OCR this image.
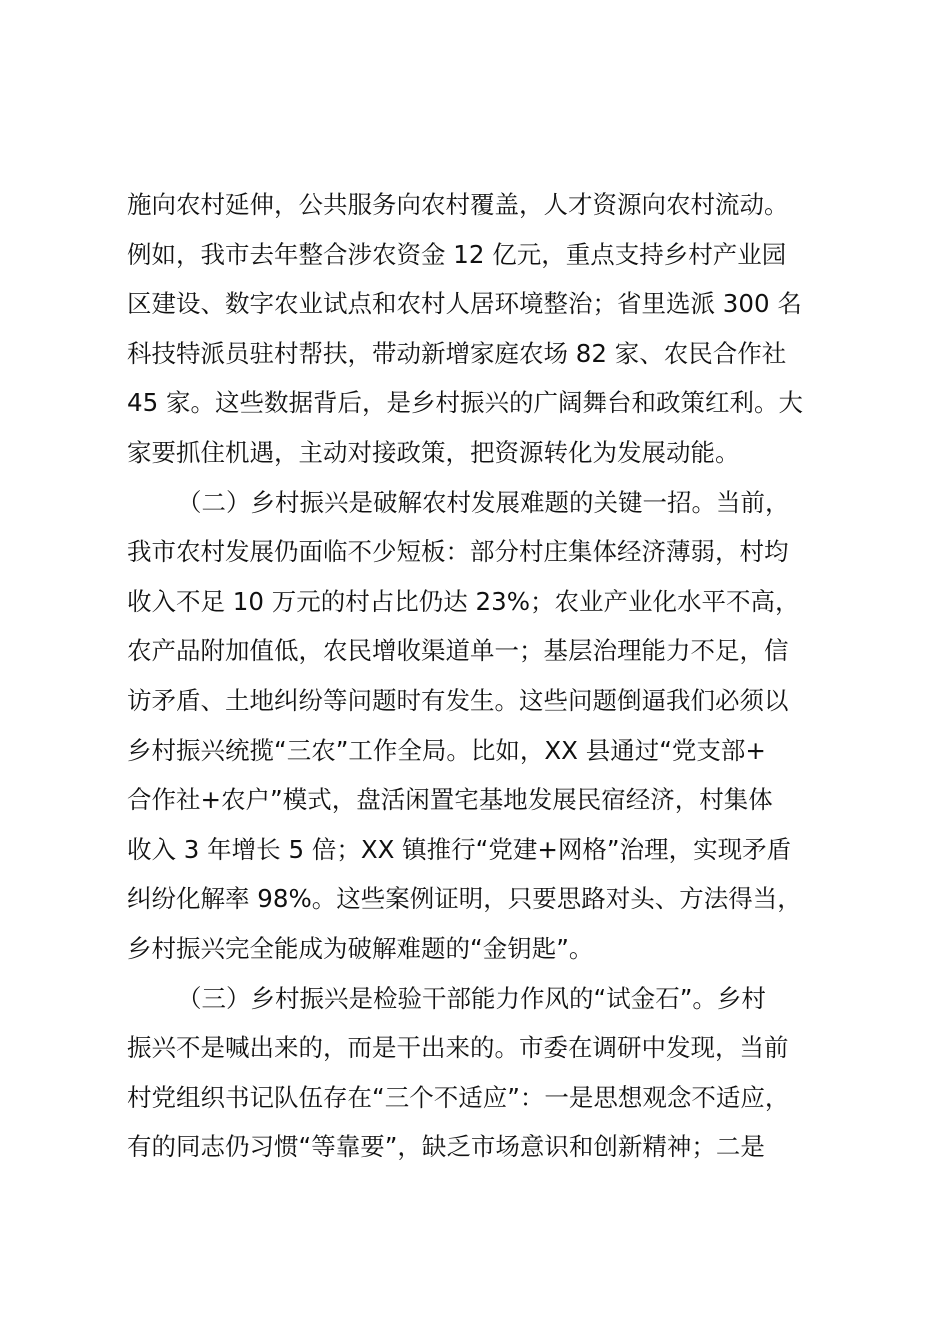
施向农村延伸，公共服务向农村覆盖，人才资源向农村流动。
例如，我市去年整合涉农资金 12 亿元，重点支持乡村产业园
区建设、数字农业试点和农村人居环境整治；省里选派 300 名
科技特派员驻村帮扶，带动新增家庭农场 82 家、农民合作社
45 家。这些数据背后，是乡村振兴的广阔舞台和政策红利。大
家要抓住机遇，主动对接政策，把资源转化为发展动能。
（二）乡村振兴是破解农村发展难题的关键一招。当前，
我市农村发展仍面临不少短板：部分村庄集体经济薄弱，村均
收入不足 10 万元的村占比仍达 23%；农业产业化水平不高，
农产品附加值低，农民增收渠道单一；基层治理能力不足，信
访矛盾、土地纠纷等问题时有发生。这些问题倒逼我们必须以
乡村振兴统揽“三农”工作全局。比如，XX 县通过“党支部+
合作社+农户”模式，盘活闲置宅基地发展民宿经济，村集体
收入 3 年增长 5 倍；XX 镇推行“党建+网格”治理，实现矛盾
纠纷化解率 98%。这些案例证明，只要思路对头、方法得当，
乡村振兴完全能成为破解难题的“金钥匙”。
（三）乡村振兴是检验干部能力作风的“试金石”。乡村
振兴不是喊出来的，而是干出来的。市委在调研中发现，当前
村党组织书记队伍存在“三个不适应”：一是思想观念不适应，
有的同志仍习惯“等靠要”，缺乏市场意识和创新精神；二是
